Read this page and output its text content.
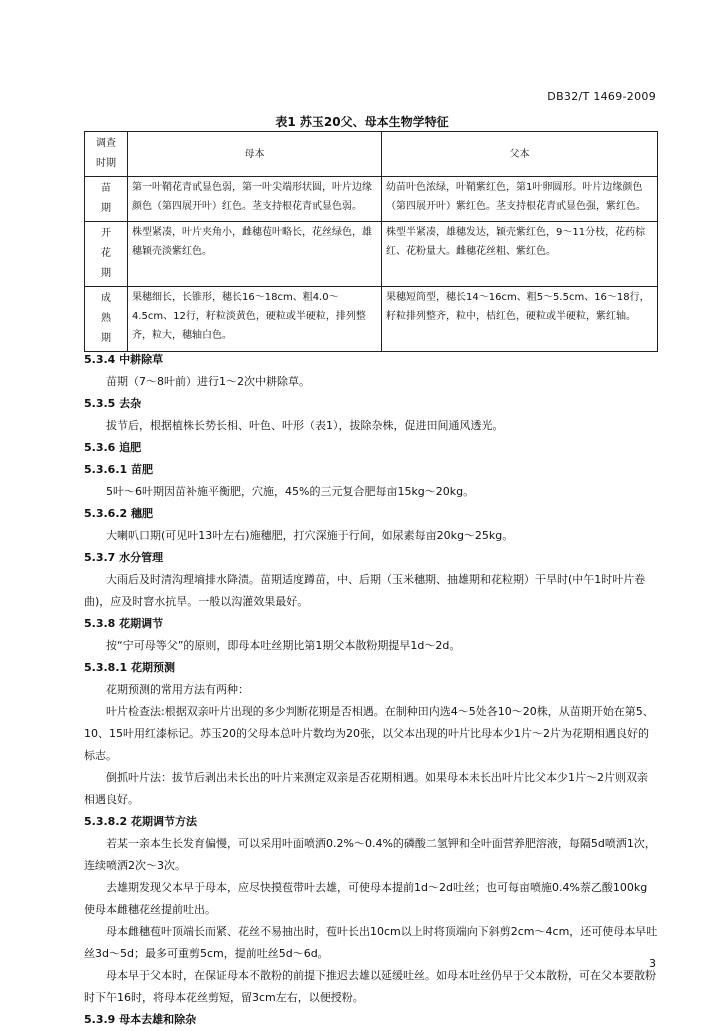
DB32/T 1469-2009
表1 苏玉20父、母本生物学特征
调查
时期	母本	父本

苗
期	第一叶鞘花青甙显色弱，第一叶尖端形状圆，叶片边缘颜色（第四展开叶）红色。茎支持根花青甙显色弱。	幼苗叶色浓绿，叶鞘紫红色，第1叶卵圆形。叶片边缘颜色（第四展开叶）紫红色。茎支持根花青甙显色强，紫红色。

开
花
期	株型紧凑，叶片夹角小，雌穗苞叶略长，花丝绿色，雄穗颖壳淡紫红色。	株型半紧凑，雄穗发达，颖壳紫红色，9～11分枝，花药棕红、花粉量大。雌穗花丝粗、紫红色。

成
熟
期	果穗细长，长锥形，穗长16～18cm、粗4.0～4.5cm、12行，籽粒淡黄色，硬粒或半硬粒，排列整齐，粒大，穗轴白色。	果穗短筒型，穗长14～16cm、粗5～5.5cm、16～18行，籽粒排列整齐，粒中，桔红色，硬粒或半硬粒，紫红轴。

5.3.4 中耕除草

苗期（7～8叶前）进行1～2次中耕除草。

5.3.5 去杂

拔节后，根据植株长势长相、叶色、叶形（表1），拔除杂株，促进田间通风透光。

5.3.6 追肥

5.3.6.1 苗肥

5叶～6叶期因苗补施平衡肥，穴施，45%的三元复合肥每亩15kg～20kg。

5.3.6.2 穗肥

大喇叭口期(可见叶13叶左右)施穗肥，打穴深施于行间，如尿素每亩20kg～25kg。

5.3.7 水分管理

大雨后及时清沟理墒排水降渍。苗期适度蹲苗，中、后期（玉米穗期、抽雄期和花粒期）干旱时(中午1时叶片卷曲)，应及时窨水抗旱。一般以沟灌效果最好。

5.3.8 花期调节

按“宁可母等父”的原则，即母本吐丝期比第1期父本散粉期提早1d～2d。

5.3.8.1 花期预测

花期预测的常用方法有两种：

叶片检查法:根据双亲叶片出现的多少判断花期是否相遇。在制种田内选4～5处各10～20株，从苗期开始在第5、10、15叶用红漆标记。苏玉20的父母本总叶片数均为20张，以父本出现的叶片比母本少1片～2片为花期相遇良好的标志。

倒抓叶片法：拔节后剥出未长出的叶片来测定双亲是否花期相遇。如果母本未长出叶片比父本少1片～2片则双亲相遇良好。

5.3.8.2 花期调节方法

若某一亲本生长发育偏慢，可以采用叶面喷洒0.2%～0.4%的磷酸二氢钾和全叶面营养肥溶液，每隔5d喷洒1次，连续喷洒2次～3次。

去雄期发现父本早于母本，应尽快摸苞带叶去雄，可使母本提前1d～2d吐丝；也可每亩喷施0.4%萘乙酸100kg使母本雌穗花丝提前吐出。

母本雌穗苞叶顶端长而紧、花丝不易抽出时，苞叶长出10cm以上时将顶端向下斜剪2cm～4cm，还可使母本早吐丝3d～5d；最多可重剪5cm，提前吐丝5d～6d。

母本早于父本时，在保证母本不散粉的前提下推迟去雄以延缓吐丝。如母本吐丝仍早于父本散粉，可在父本要散粉时下午16时，将母本花丝剪短，留3cm左右，以便授粉。

5.3.9 母本去雄和除杂

3
